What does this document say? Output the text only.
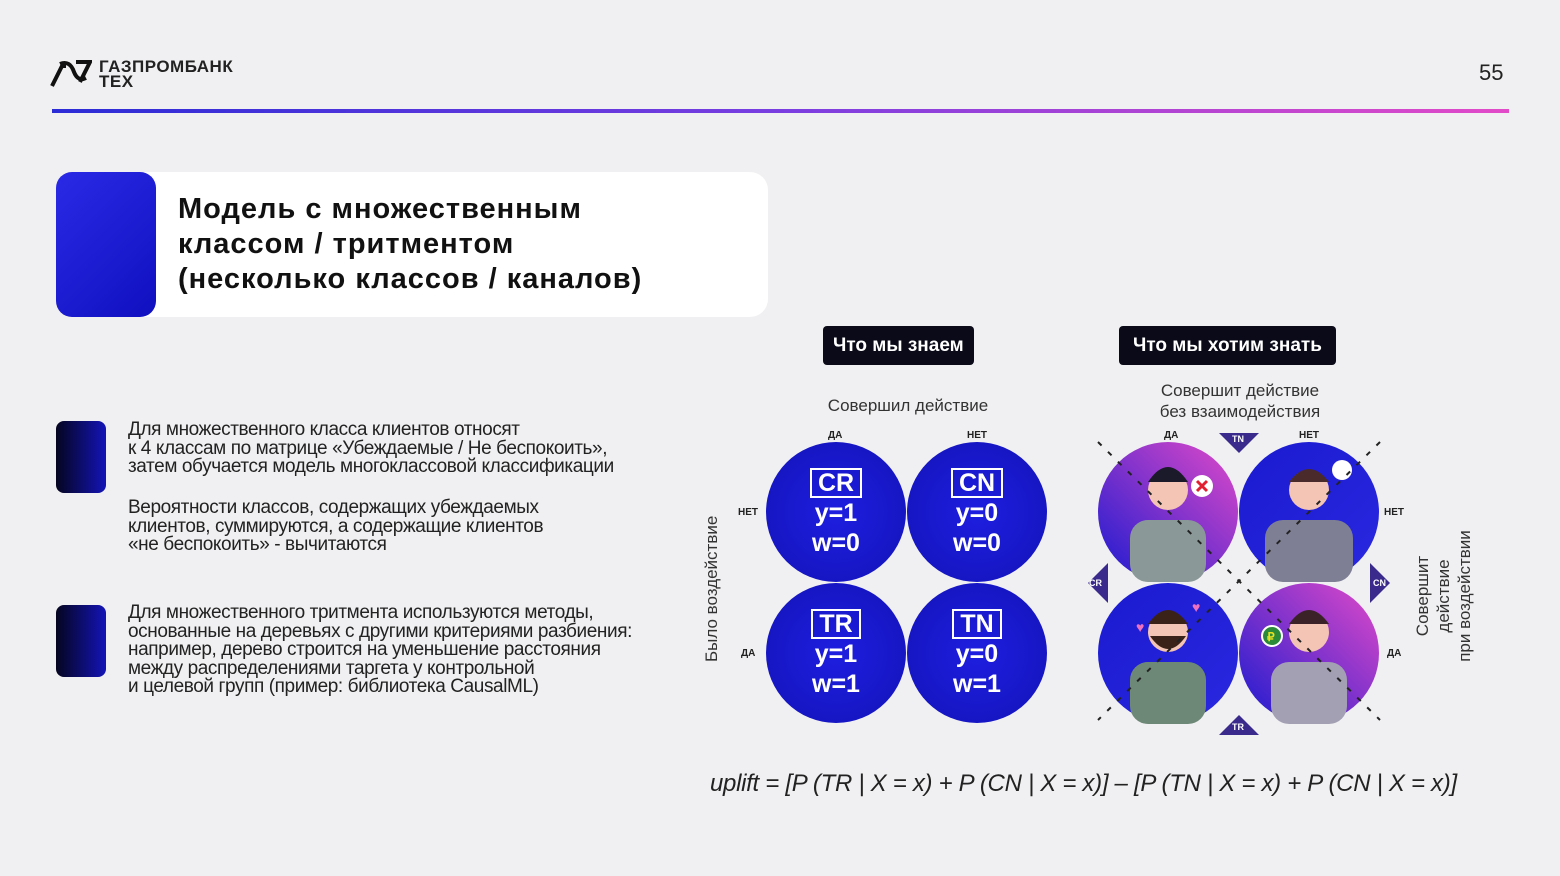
ГАЗПРОМБАНК
ТЕХ	55
Модель с множественным
классом / тритментом
(несколько классов / каналов)
Для множественного класса клиентов относят
к 4 классам по матрице «Убеждаемые / Не беспокоить»,
затем обучается модель многоклассовой классификации
Вероятности классов, содержащих убеждаемых
клиентов, суммируются, а содержащие клиентов
«не беспокоить» - вычитаются
Для множественного тритмента используются методы,
основанные на деревьях с другими критериями разбиения:
например, дерево строится на уменьшение расстояния
между распределениями таргета у контрольной
и целевой групп (пример: библиотека CausalML)
Что мы знаем
Совершил действие
ДА	НЕТ
НЕТ
ДА
Было воздействие
CR
y=1
w=0
CN
y=0
w=0
TR
y=1
w=1
TN
y=0
w=1
Что мы хотим знать
Совершит действие
без взаимодействия
♥
♥
₽
TN
TR
CR	CN
ДА	НЕТ
НЕТ
ДА
Совершит действие
при воздействии
uplift = [P (TR | X = x) + P (CN | X = x)] – [P (TN | X = x) + P (CN | X = x)]
